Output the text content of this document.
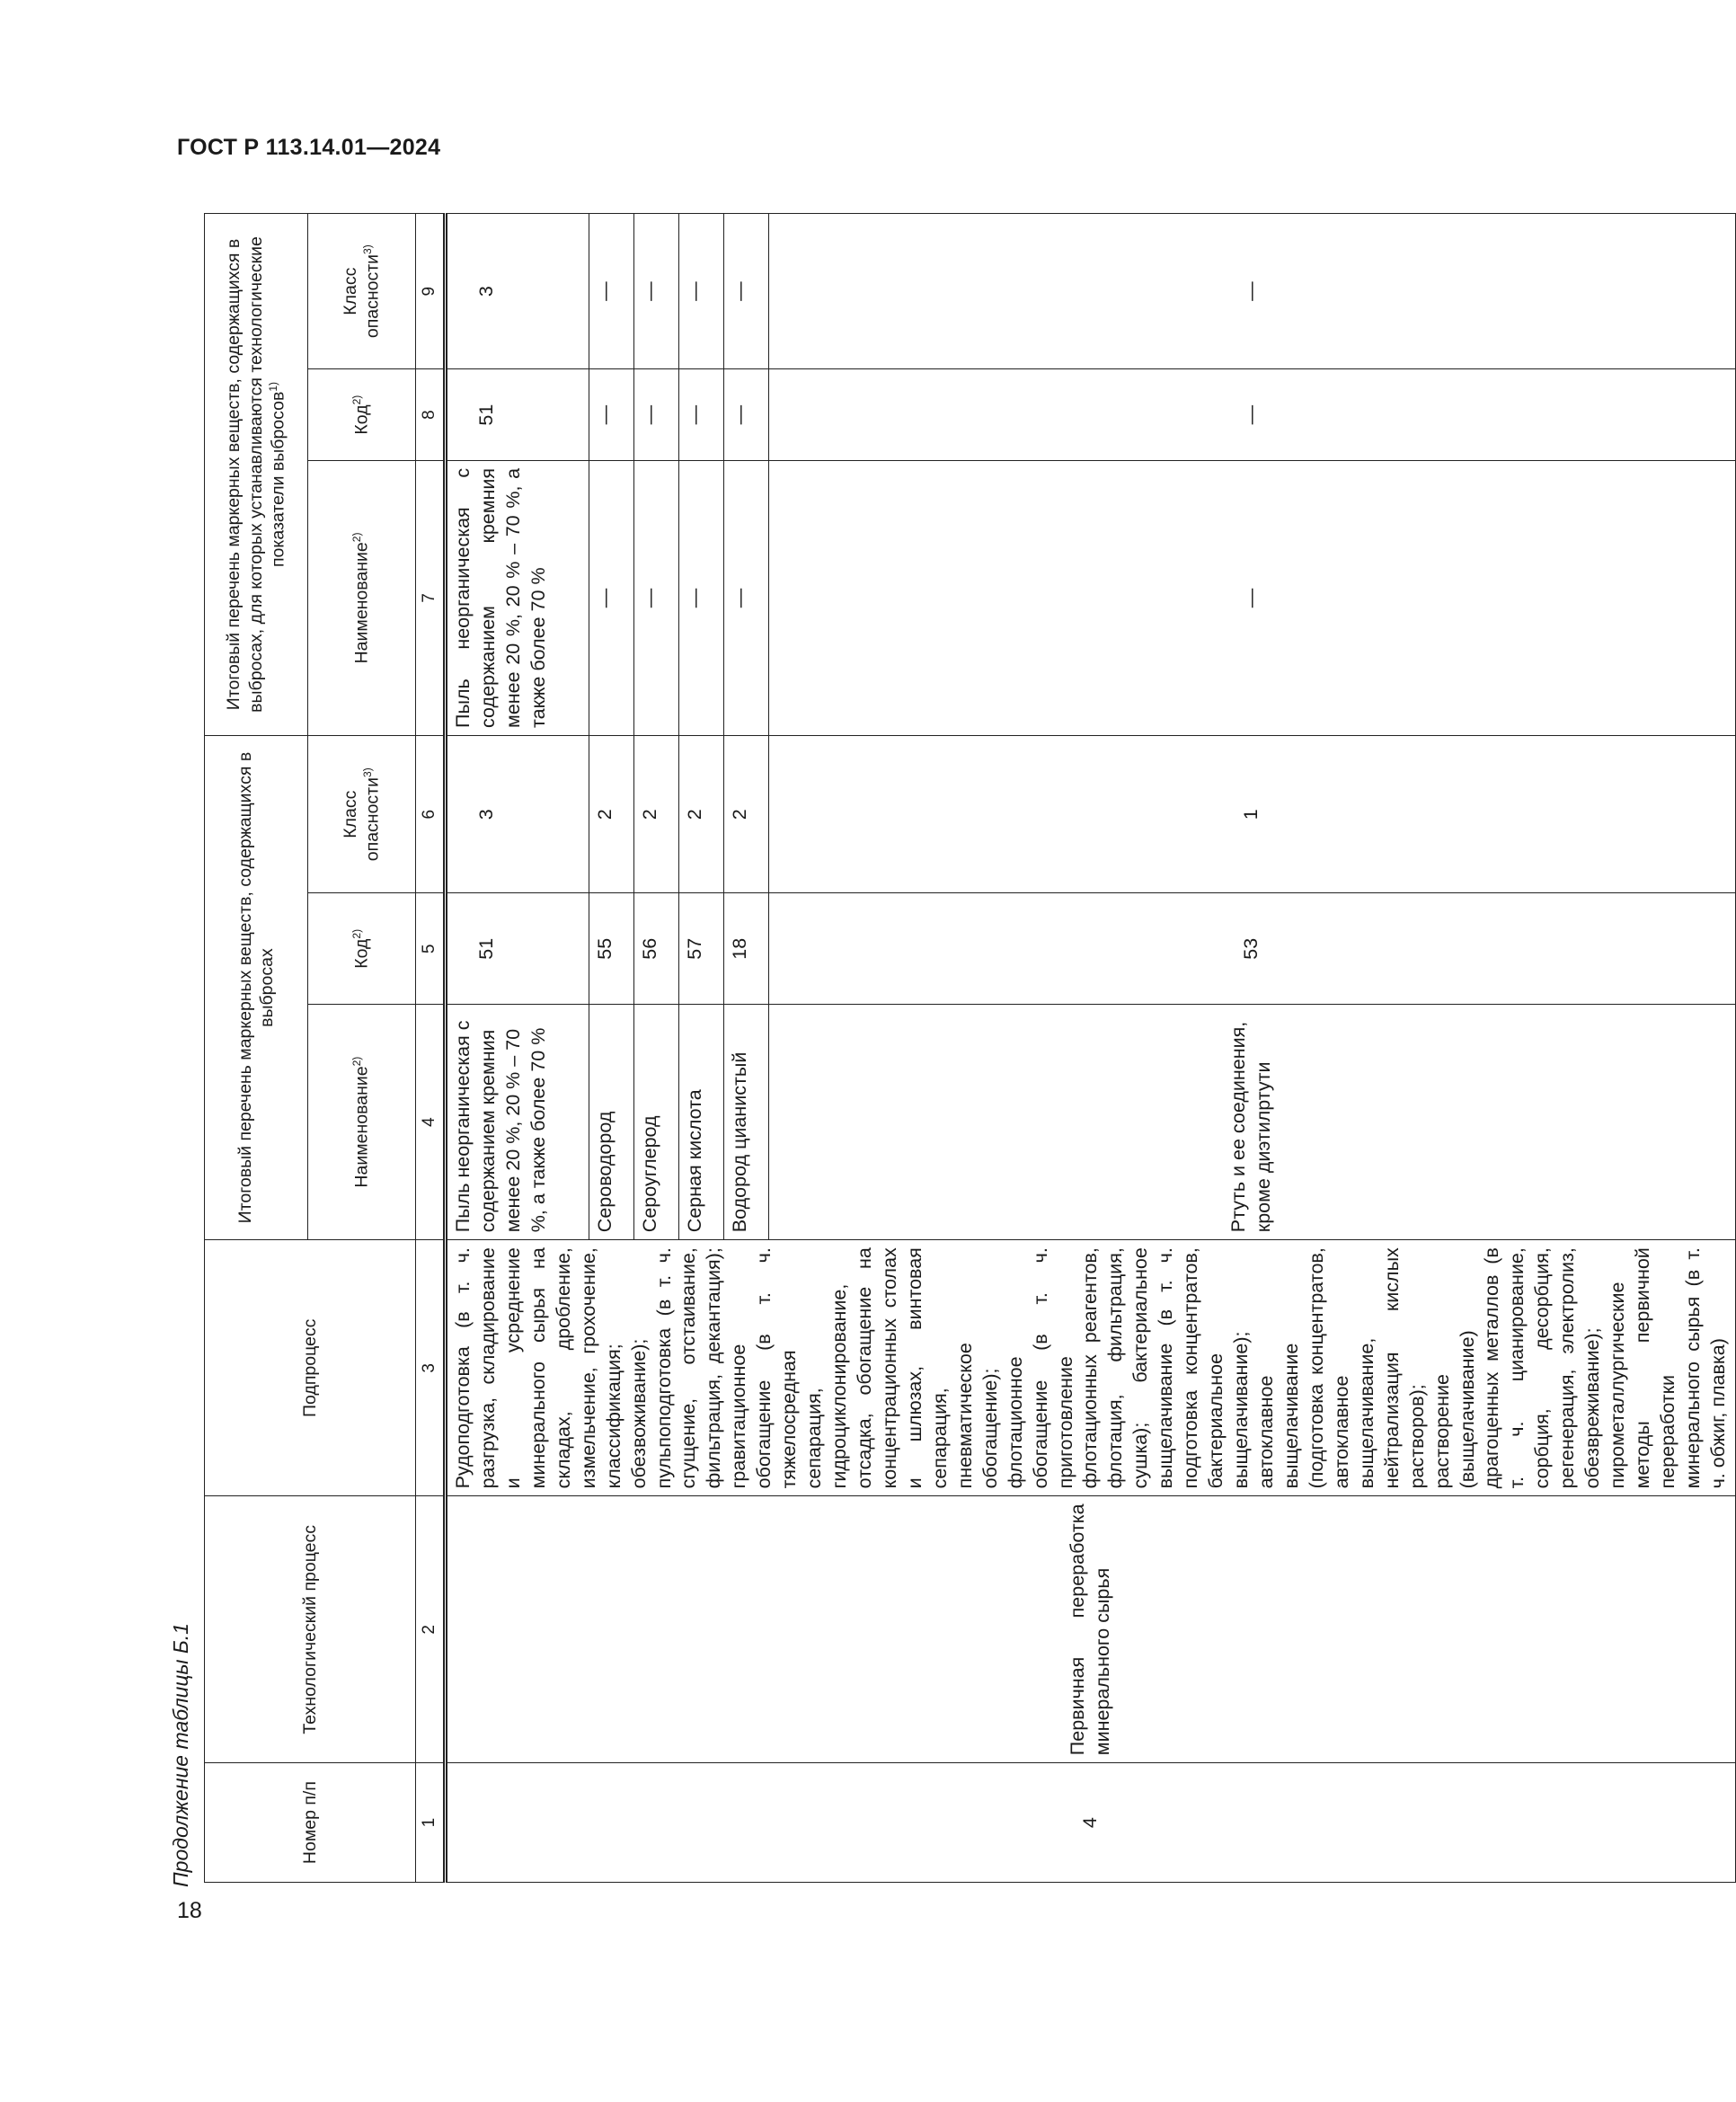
ГОСТ Р 113.14.01—2024
18
Продолжение таблицы Б.1	Номер п/п	Технологический процесс	Подпроцесс	Итоговый перечень маркерных веществ, содержащихся в выбросах			Итоговый перечень маркерных веществ, содержащихся в выбросах, для которых устанавливаются технологические показатели выбросов$^{1)}$
			Наименование$^{2)}$	Код$^{2)}$	Класс опасности$^{3)}$	Наименование$^{2)}$	Код$^{2)}$	Класс опасности$^{3)}$
1	2	3	4	5	6	7	8	9
4	Первичная переработка минерального сырья	Рудоподготовка (в т. ч. разгрузка, складирование и усреднение минерального сырья на складах, дробление, измельчение, грохочение, классификация; обезвоживание); пульпоподготовка (в т. ч. сгущение, отстаивание, фильтрация, декантация); гравитационное обогащение (в т. ч. тяжелосредная сепарация, гидроциклонирование, отсадка, обогащение на концентрационных столах и шлюзах, винтовая сепарация, пневматическое обогащение); флотационное обогащение (в т. ч. приготовление флотационных реагентов, флотация, фильтрация, сушка); бактериальное выщелачивание (в т. ч. подготовка концентратов, бактериальное выщелачивание); автоклавное выщелачивание (подготовка концентратов, автоклавное выщелачивание, нейтрализация кислых растворов); растворение (выщелачивание) драгоценных металлов (в т. ч. цианирование, сорбция, десорбция, регенерация, электролиз, обезвреживание); пирометаллургические методы первичной переработки минерального сырья (в т. ч. обжиг, плавка)	Пыль неорганическая с содержанием кремния менее 20 %, 20 % – 70 %, а также более 70 %	51	3	Пыль неорганическая с содержанием кремния менее 20 %, 20 % – 70 %, а также более 70 %	51	3
			Сероводород	55	2	—	—	—
			Сероуглерод	56	2	—	—	—
			Серная кислота	57	2	—	—	—
			Водород цианистый	18	2	—	—	—
			Ртуть и ее соединения, кроме диэтилртути	53	1	—	—	—
